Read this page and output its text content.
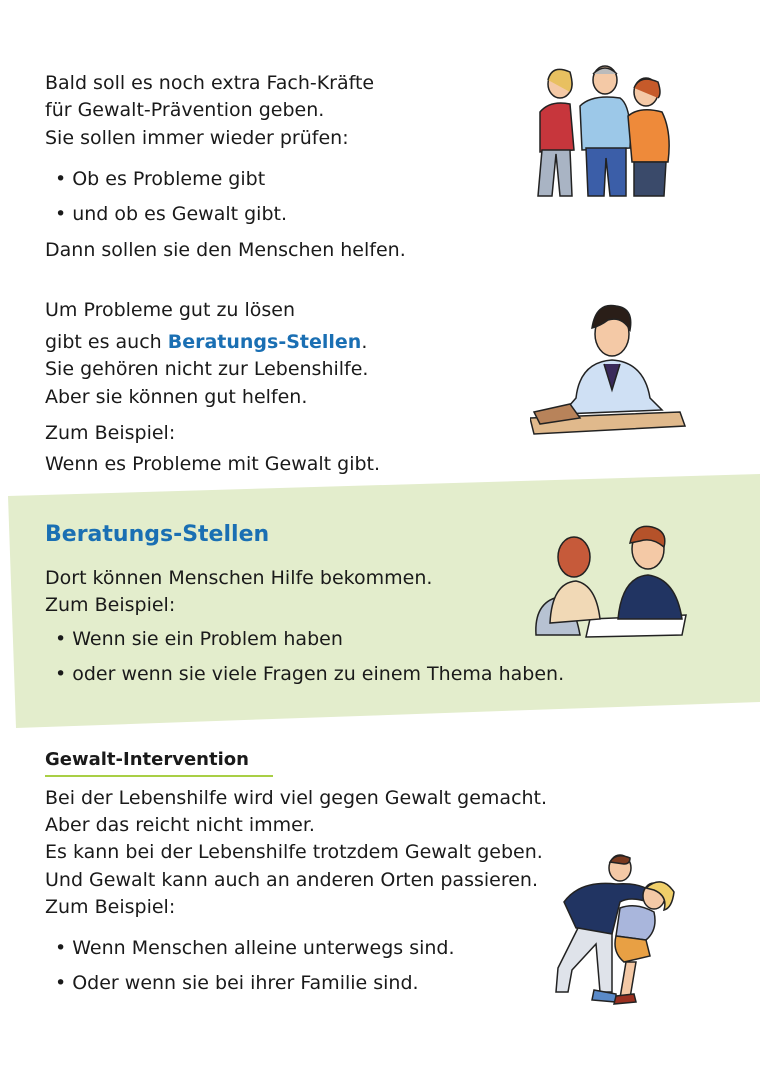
Bald soll es noch extra Fach-Kräfte
für Gewalt-Prävention geben.
Sie sollen immer wieder prüfen:
• Ob es Probleme gibt
• und ob es Gewalt gibt.
Dann sollen sie den Menschen helfen.
Um Probleme gut zu lösen
gibt es auch Beratungs-Stellen.
Sie gehören nicht zur Lebenshilfe.
Aber sie können gut helfen.
Zum Beispiel:
Wenn es Probleme mit Gewalt gibt.
Beratungs-Stellen
Dort können Menschen Hilfe bekommen.
Zum Beispiel:
• Wenn sie ein Problem haben
• oder wenn sie viele Fragen zu einem Thema haben.
Gewalt-Intervention
Bei der Lebenshilfe wird viel gegen Gewalt gemacht.
Aber das reicht nicht immer.
Es kann bei der Lebenshilfe trotzdem Gewalt geben.
Und Gewalt kann auch an anderen Orten passieren.
Zum Beispiel:
• Wenn Menschen alleine unterwegs sind.
• Oder wenn sie bei ihrer Familie sind.
